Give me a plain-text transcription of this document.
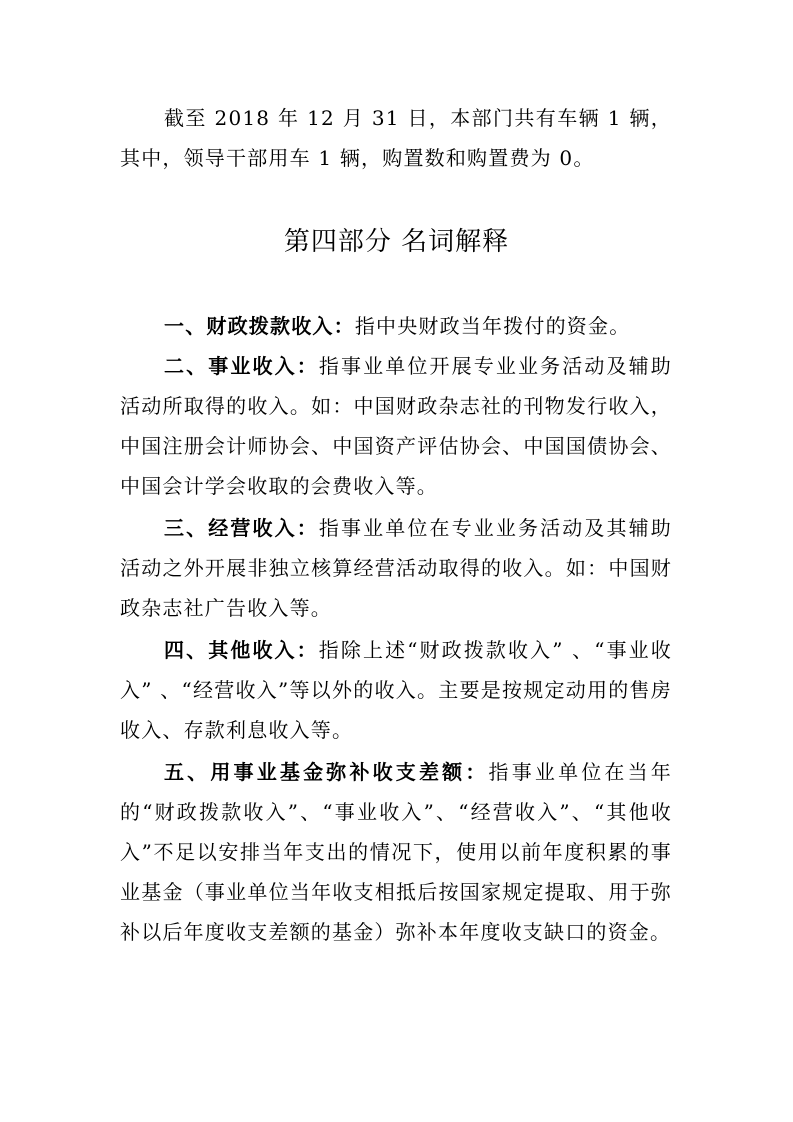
截至 2018 年 12 月 31 日，本部门共有车辆 1 辆，其中，领导干部用车 1 辆，购置数和购置费为 0。

第四部分 名词解释

一、财政拨款收入：指中央财政当年拨付的资金。

二、事业收入：指事业单位开展专业业务活动及辅助活动所取得的收入。如：中国财政杂志社的刊物发行收入，中国注册会计师协会、中国资产评估协会、中国国债协会、中国会计学会收取的会费收入等。

三、经营收入：指事业单位在专业业务活动及其辅助活动之外开展非独立核算经营活动取得的收入。如：中国财政杂志社广告收入等。

四、其他收入：指除上述“财政拨款收入” 、“事业收入” 、“经营收入”等以外的收入。主要是按规定动用的售房收入、存款利息收入等。

五、用事业基金弥补收支差额：指事业单位在当年的“财政拨款收入”、“事业收入”、“经营收入”、“其他收入”不足以安排当年支出的情况下，使用以前年度积累的事业基金（事业单位当年收支相抵后按国家规定提取、用于弥补以后年度收支差额的基金）弥补本年度收支缺口的资金。
